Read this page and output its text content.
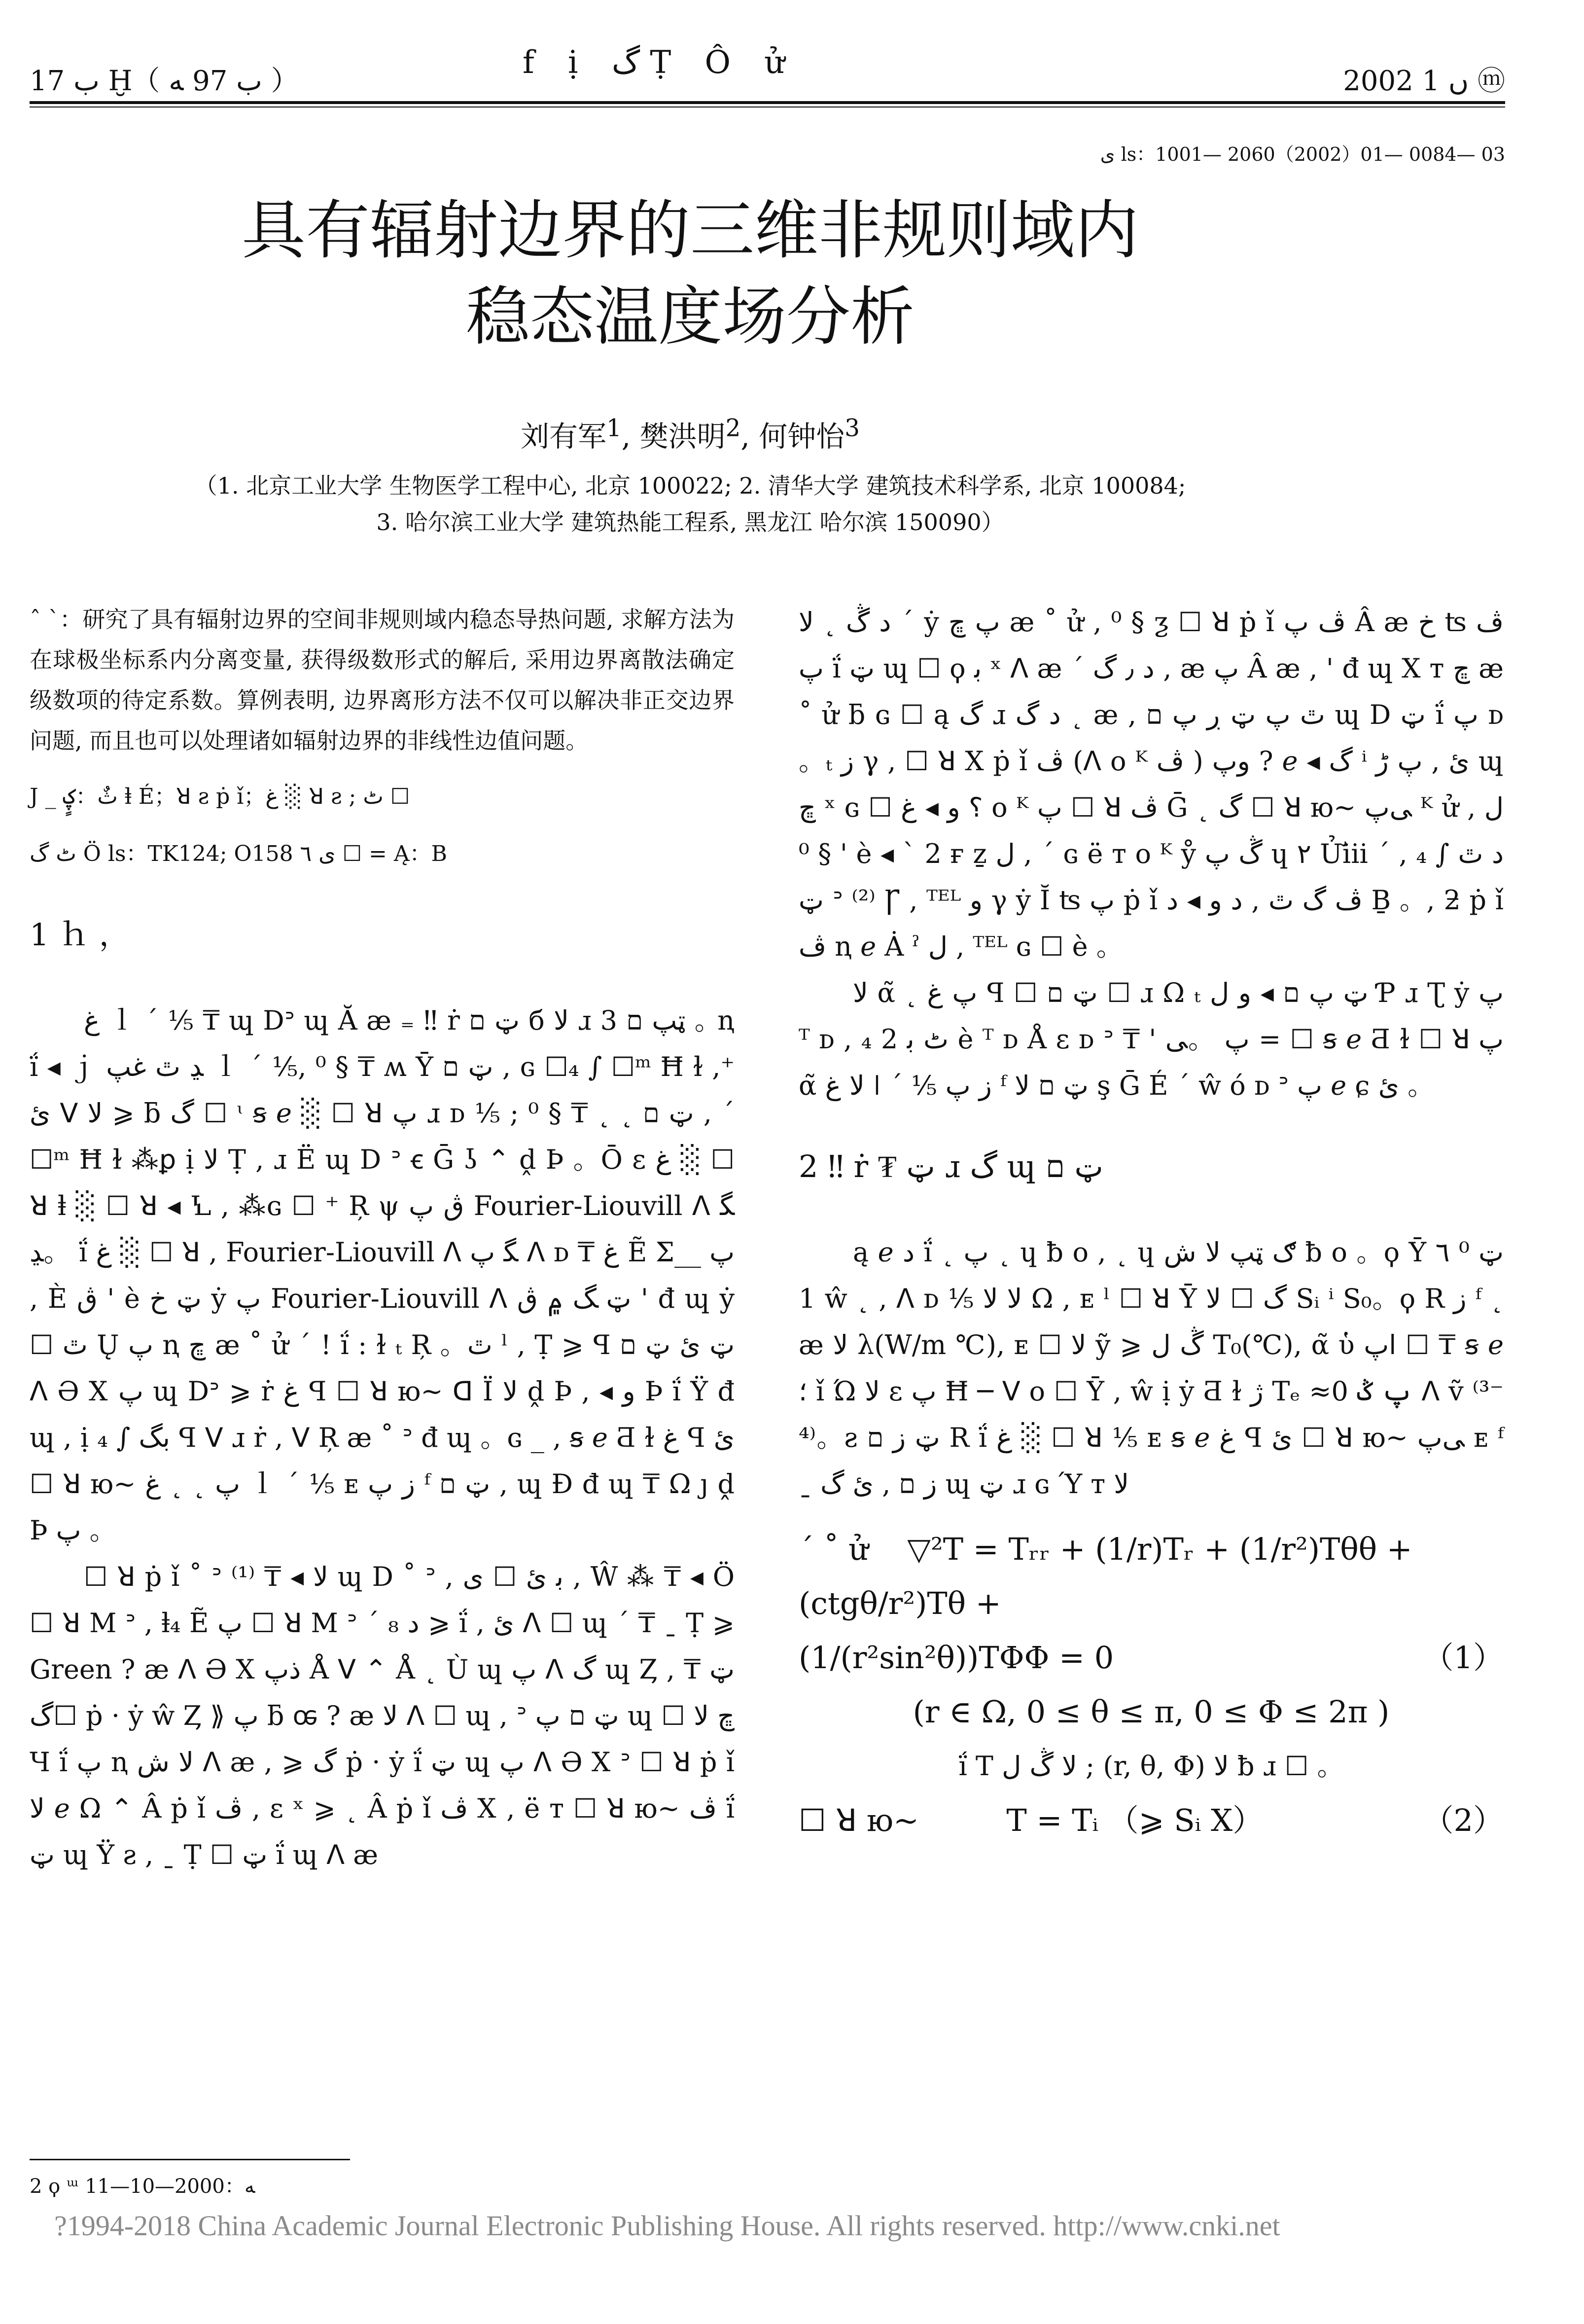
ب 17 Ḫ（ ب 97 ﻪ ）
f ị گ Ṭ Ô ử
2002 ں 1 ⓜ
ى ls：1001— 2060（2002）01— 0084— 03
具有辐射边界的三维非规则域内
稳态温度场分析
刘有军$^1$, 樊洪明$^2$, 何钟怡$^3$
（1. 北京工业大学 生物医学工程中心, 北京 100022; 2. 清华大学 建筑技术科学系, 北京 100084;
3. 哈尔滨工业大学 建筑热能工程系, 黑龙江 哈尔滨 150090）

ˆ ˋ：研究了具有辐射边界的空间非规则域内稳态导热问题, 求解方法为在球极坐标系内分离变量, 获得级数形式的解后, 采用边界离散法确定级数项的待定系数。算例表明, 边界离形方法不仅可以解决非正交边界问题, 而且也可以处理诸如辐射边界的非线性边值问题。

J _ ثٌ：ؼٍ ⱡ É；ꓤ ƨ ṗ ǐ；غ ░ ꓤ ƨ ; ٹ ☐
ٹ گ Ö ls：TK124; O158 ى ٦ ☐ = Ą：B
1 ｈ ，

غ ｌ ˊ ⅕ ₸ ɰ Dᐣ ɰ Ă æ ₌ ‼ ṙ ټ ﬦ б ﻻ ɹ 3 ټپ ﬦ ｡ ꞑ ḯ ◂ ｊ ﮃ ٿ غپ ｌ ˊ ⅕, ⁰ § ₸ ʍ Ȳ ټ ﬦ , ɢ ☐₄ ∫ ☐ᵐ Ħ ɫ ,⁺ ئ ᐯ ﻻ ⩾ ƃ گ ☐ ᶥ ꞩ ℯ ░ ☐ ꓤ پ ɹ ᴅ ⅕ ; ⁰ § ₸ ˛ ˛ ټ ﬦ , ˊ ☐ᵐ Ħ ɫ ⁂ꝑ ị ﻻ Ṭ , ɹ Ë ɰ D ᐣ ꞓ Ḡ ʖ ⌃ ḓ Þ 。Ō ɛ غ ░ ☐ ꓤ ⱡ ░ ☐ ꓤ ◂ Ꝇ , ⁂ɢ ☐ ⁺ Ŗ ψ ڨ پ Fourier-Liouvill ᐱ ﮕ 。ﮃ ḯ غ ░ ☐ ꓤ , Fourier-Liouvill ᐱ ﮕ پ ᐱ ᴅ ₸ غ Ẽ Σ__ پ , È ڨ ' è ټ خ ẏ پ Fourier-Liouvill ᐱ ټ ﮓ ۾ ڨ ' đ ɰ ẏ ☐ ٿ Ų پ ꞑ ڇ æ ˚ ử ˊ ! ḯ : ɫ ₜ Ŗ 。ٿ ˡ , Ṭ ⩾ ꟼ ټ ئ ټ ﬦ ᐱ Ə Ⅹ پ ɰ Dᐣ ⩾ ṙ غ ꟼ ☐ ꓤ ю~ ᗡ Ï ﻻ ḓ Þ , ◂ و Þ ḯ Ÿ đ ɰ , ị ₄ ∫ ﺑﮓ ꟼ ᐯ ɹ ṙ , ᐯ Ŗ æ ˚ ᐣ đ ɰ 。ɢ _ , ꞩ ℯ Ƌ ɫ غ ꟼ ئ ☐ ꓤ ю~ پ ˛ ˛ غ ｌ ˊ ⅕ ᴇ ز پ ᶠ ټ ﬦ , ɰ Ɖ đ ɰ ₸ Ω ȷ ḓ Þ پ 。

☐ ꓤ ṗ ǐ ˚ ᐣ ⁽¹⁾ ₸ ◂ ﻻ ɰ D ˚ ᐣ , ﺑ ئ ☐ ﻯ , Ŵ ⁂ ₸ ◂ Ö ☐ ꓤ M ᐣ , ⱡ₄ Ẽ پ ☐ ꓤ M ᐣ ˊ ₈ ﺩ ⩾ ḯ , ئ ᐱ ☐ ɰ ˊ ₸ ˍ Ṭ ⩾ Green ? æ ᐱ Ə Ⅹ ذپ Å ᐯ ⌃ Å ˛ Ù ɰ پ ᐱ گ ɰ Ȥ , ټ ₸ ☐گ ṗ · ẏ ŵ Ȥ ⟫ پ ƃ ꭀ ? æ ﻻ ᐱ ☐ ɰ , ᐣ ټ ﬦ پ ɰ ☐ ڇ ﻻ Ч ḯ پ ꞑ ﻻ ش ᐱ æ , ⩾ گ ṗ · ẏ ḯ ټ ɰ پ ᐱ Ə Ⅹ ᐣ ☐ ꓤ ṗ ǐ ﻻ ℯ Ω ⌃ Â ṗ ǐ ڤ , ɛ ˣ ⩾ ˛ Â ṗ ǐ ڤ Ⅹ , ë ᴛ ☐ ꓤ ю~ ڤ ḯ ټ ɰ Ÿ ƨ , ˍ Ṭ ☐ ټ ḯ ɰ ᐱ æ

ﺩ ڴ ˛ ﻻ ˊ ẏ پ ڇ æ ˚ ử , ⁰ § ƺ ☐ ꓤ ṗ ǐ ڤ پ Â æ خ ʦ ڤ پ ḯ ټ ɰ ☐ ϙ ﺑ ˣ ᐱ æ ˊ ﺩ ٫ گ , æ پ Â æ , ' đ ɰ Ⅹ ᴛ ڇ æ ˚ ử ƃ ɢ ☐ ą گ ɹ ﺩ گ ˛ æ , ٿ پ ټ ڔ پ ﬦ ɰ D ټ ḯ پ ᴅ 。ₜ ز γ , ☐ ꓤ Ⅹ ṗ ǐ ڤ (ᐱ ο ᴷ ڤ ) وپ ? ℯ ◂ گ ⁱ ئ , پ ڑ ɰ ڇ ˣ ɢ ☐ ؟ و ◂ غ ο ᴷ پ ☐ ꓤ ڤ Ḡ ˛ گ ☐ ꓤ ю~ ﯽپ ᴷ ử ﻝ , ⁰ § ' è ◂ ` 2 ғ ẕ ﻝ , ˊ ɢ ë ᴛ ο ᴷ ẙ ڴ پ ɥ ۲ Ửiii ˊ , ₄ ∫ ﺩ ٿ ټ ᐣ ⁽²⁾ Ꞅ , ᵀᴱᴸ و γ ẏ Ĭ ʦ پ ṗ ǐ ڤ گ ٿ , ﺩ و ◂ ﺩ Ḇ 。, ƻ ṗ ǐ ڤ ꞑ ℯ Ȧ ˀ ﻝ , ᵀᴱᴸ ɢ ☐ è 。

ﻻ α̃ ˛ پ غ ꟼ ☐ ټ ﬦ ☐ ɹ Ω ₜ ټ پ ﬦ ◂ و ﻝ Ƥ ɹ Ʈ ẏ پ ᵀ ᴅ , ₄ ٹ ﺑ 2 è ᵀ ᴅ Å ɛ ᴅ ᐣ ₸ ' پ 。ﯽ = ☐ ꞩ ℯ Ƌ ɫ ☐ ꓤ پ α̃ ﻻ غ ǀ ˊ ⅕ ز پ ᶠ ټ ﬦ ﻻ ş Ḡ É ˊ ŵ ó ᴅ ᐣ پ ℯ ɕ ئ 。

2 ‼ ṙ ₮ ټ ɹ گ ɰ ټ ﬦ

ą ℯ ﺩ ḯ ˛ پ ˛ ɥ ƀ ο , ˛ ɥ ګ ټپ ﻻ ش ƀ ο 。ϙ Ȳ ټ ⁰ ٦ 1 ŵ ˛ , ᐱ ᴅ ⅕ ﻻ ﻻ Ω , ᴇ ˡ ☐ ꓤ Ȳ گ ☐ ﻻ Sᵢ ⁱ S₀。ϙ R ز ᶠ ˛ æ ﻻ λ(W/m ℃), ᴇ ☐ ﻻ ỹ ⩾ ڴ ﻝ T₀(℃), α̃ ὑ ﺍپ ☐ ₸ ꞩ ℯ ؛ ǐ Ώ ﻻ ɛ پ Ħ ─ ᐯ ο ☐ Ȳ , ŵ ị ẏ Ƌ ɫ ژ Tₑ ≈0 پ ݣ ᐱ ṽ ⁽³⁻⁴⁾。ƨ ټ ﺯ ﬦ R ḯ غ ░ ☐ ꓤ ⅕ ᴇ ꞩ ℯ غ ꟼ ئ ☐ ꓤ ю~ ﯽپ ᴇ ᶠ ˍ ز ﬦ , ئ گ ɰ ټ ɹ ɢ Ύ ᴛ ﻻ

ˊ ˚ ử ▽²T = Tᵣᵣ + (1/r)Tᵣ + (1/r²)Tθθ + (ctgθ/r²)Tθ +
(1/(r²sin²θ))TΦΦ = 0	（1）
(r ∈ Ω, 0 ≤ θ ≤ π, 0 ≤ Φ ≤ 2π )
ḯ T ﻻ ڴ ﻝ ; (r, θ, Φ) ﻻ ƀ ɹ ☐ 。
☐ ꓤ ю~	T = Tᵢ （⩾ Sᵢ Ⅹ）	（2）
2 ϙ ᵚ ﻪ：2000—10—11
?1994-2018 China Academic Journal Electronic Publishing House. All rights reserved. http://www.cnki.net
